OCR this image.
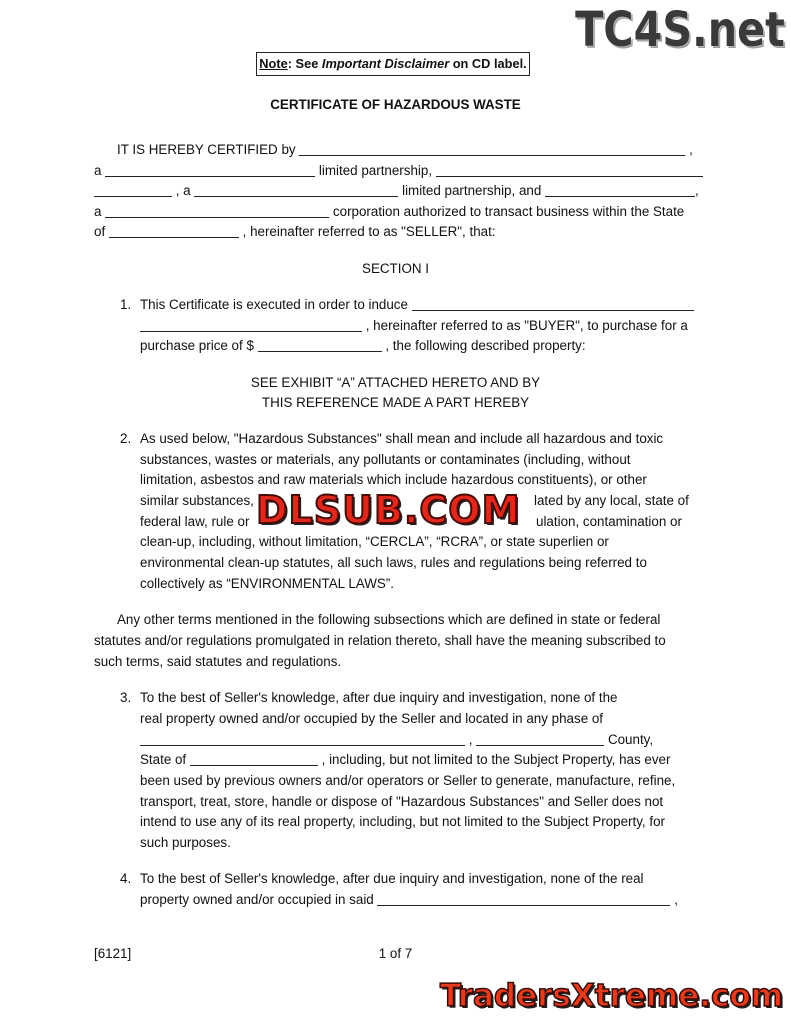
TC4S.net
Note: See Important Disclaimer on CD label.
CERTIFICATE OF HAZARDOUS WASTE
IT IS HEREBY CERTIFIED by	,
a	limited partnership,
, a	limited partnership, and	,
a	corporation authorized to transact business within the State
of	, hereinafter referred to as "SELLER", that:
SECTION I
1. This Certificate is executed in order to induce
, hereinafter referred to as "BUYER", to purchase for a
purchase price of $	, the following described property:
SEE EXHIBIT “A” ATTACHED HERETO AND BY
THIS REFERENCE MADE A PART HEREBY
2. As used below, "Hazardous Substances" shall mean and include all hazardous and toxic
substances, wastes or materials, any pollutants or contaminates (including, without
limitation, asbestos and raw materials which include hazardous constituents), or other
similar substances,	lated by any local, state of
federal law, rule or	ulation, contamination or
clean-up, including, without limitation, “CERCLA”, “RCRA”, or state superlien or
environmental clean-up statutes, all such laws, rules and regulations being referred to
collectively as “ENVIRONMENTAL LAWS”.
DLSUB.COM
Any other terms mentioned in the following subsections which are defined in state or federal
statutes and/or regulations promulgated in relation thereto, shall have the meaning subscribed to
such terms, said statutes and regulations.
3. To the best of Seller's knowledge, after due inquiry and investigation, none of the
real property owned and/or occupied by the Seller and located in any phase of
,	County,
State of	, including, but not limited to the Subject Property, has ever
been used by previous owners and/or operators or Seller to generate, manufacture, refine,
transport, treat, store, handle or dispose of "Hazardous Substances" and Seller does not
intend to use any of its real property, including, but not limited to the Subject Property, for
such purposes.
4. To the best of Seller's knowledge, after due inquiry and investigation, none of the real
property owned and/or occupied in said	,
[6121]	1 of 7
TradersXtreme.com
